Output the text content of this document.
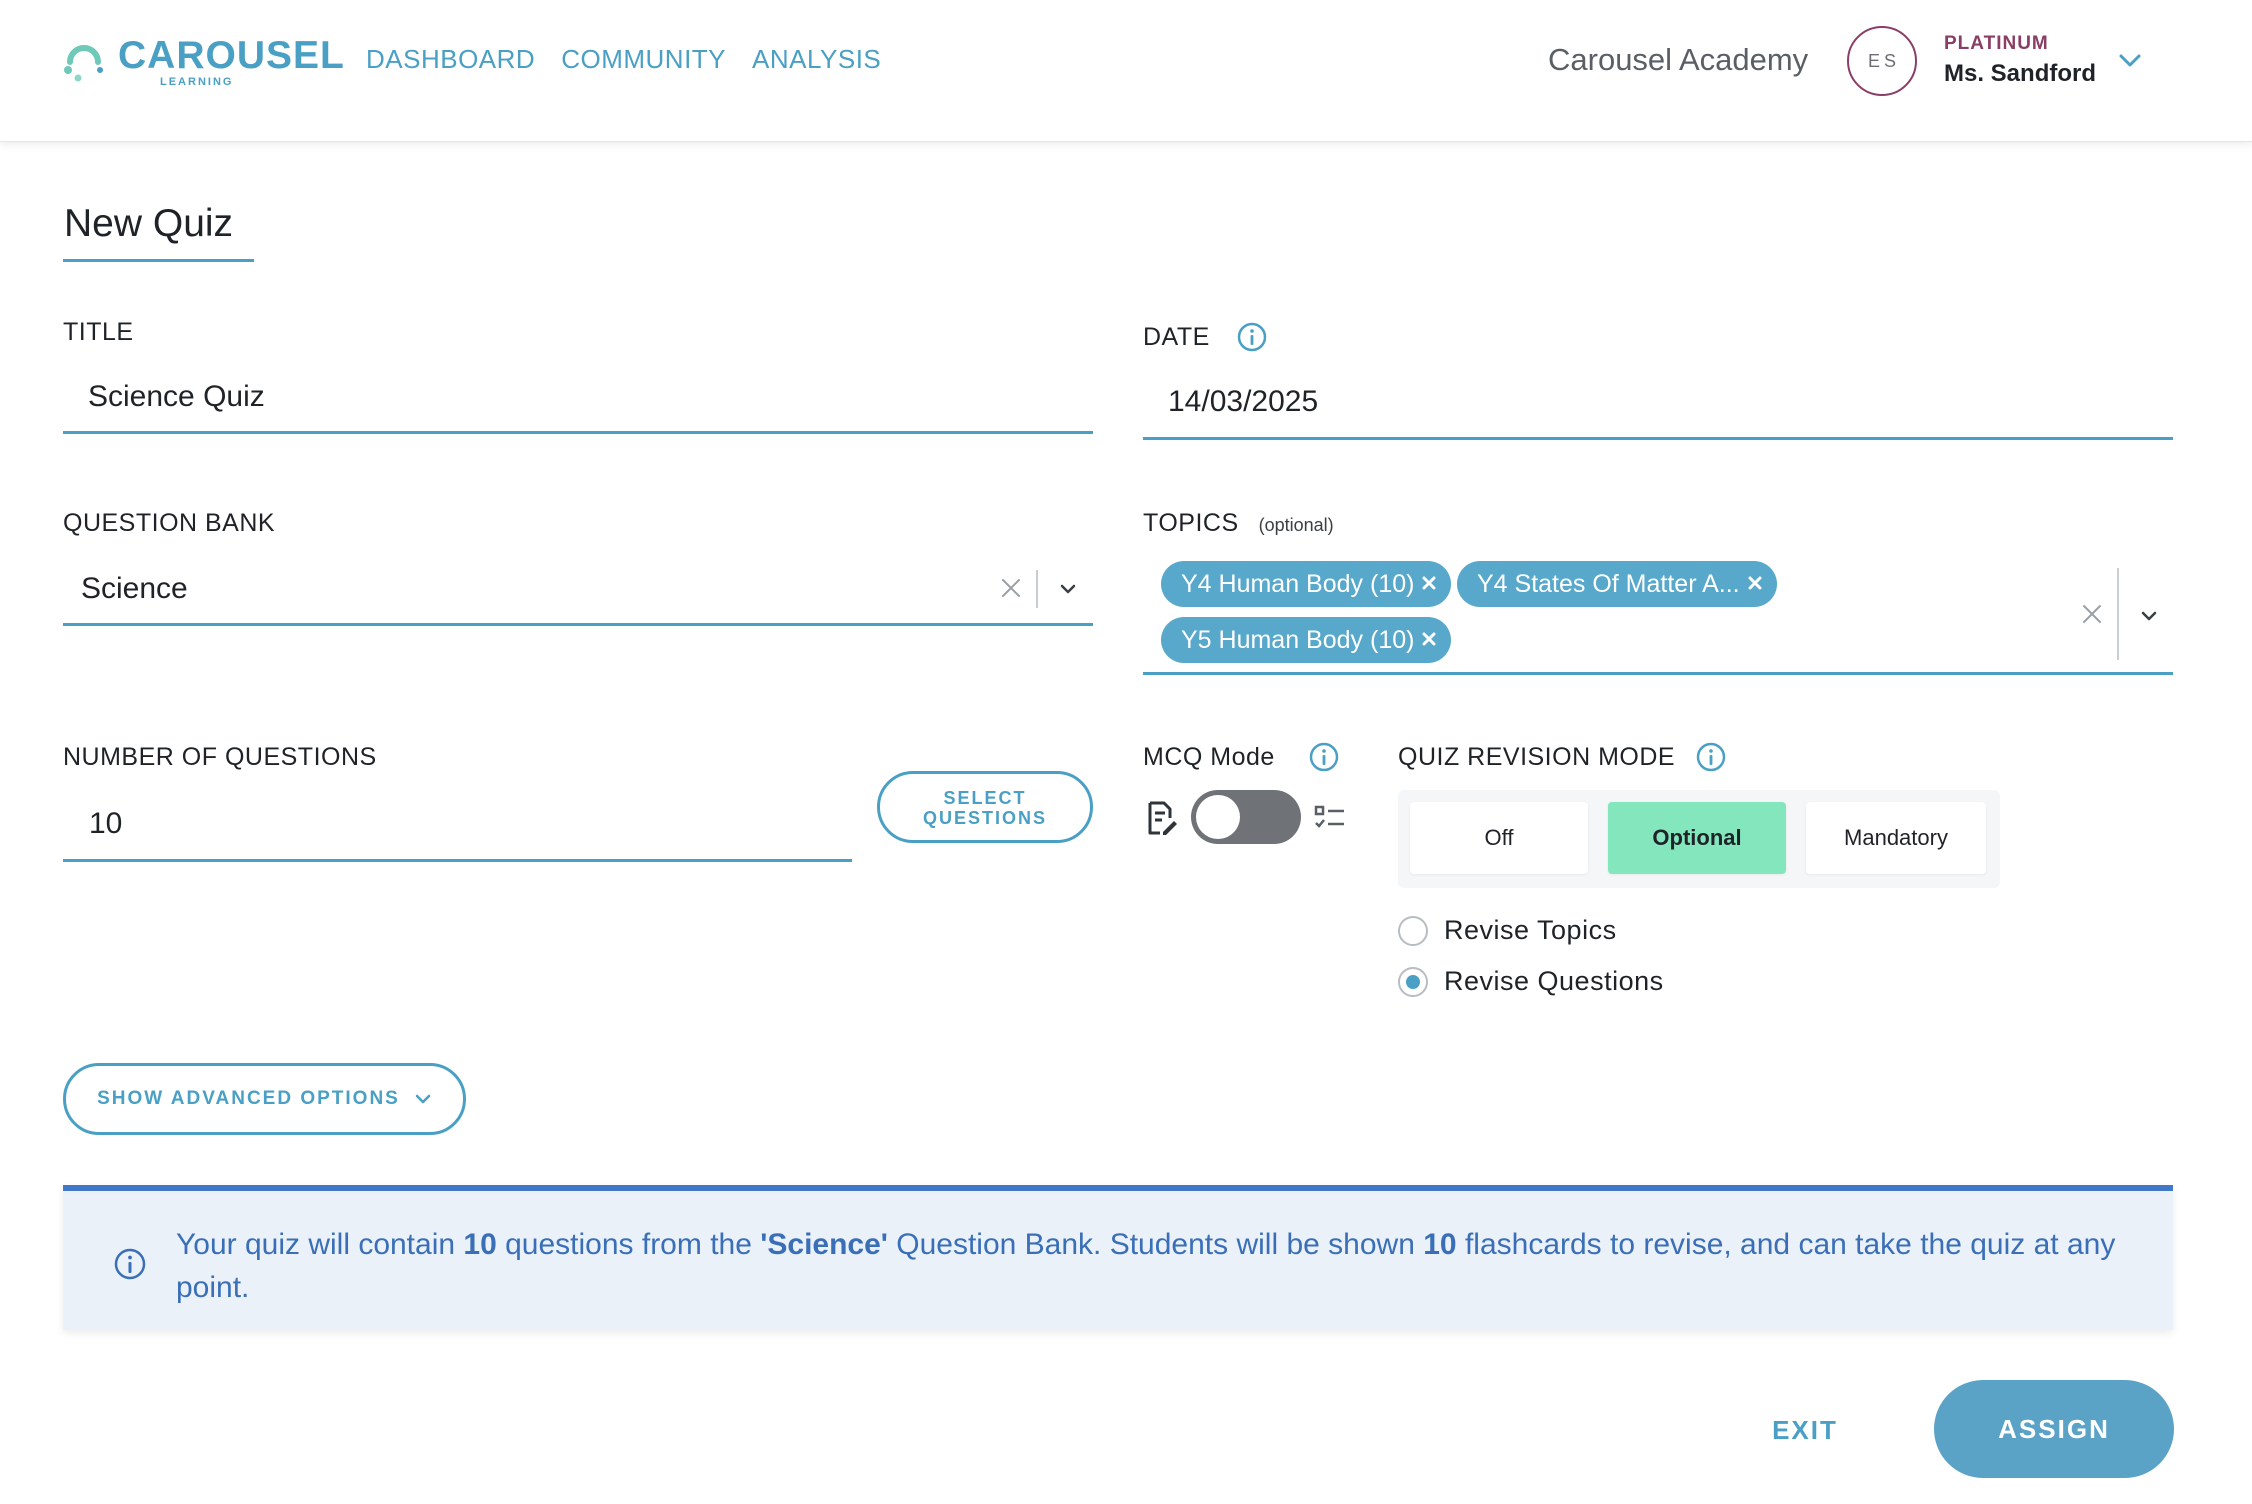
CAROUSEL
LEARNING
DASHBOARD COMMUNITY ANALYSIS	Carousel Academy	ES
PLATINUM
Ms. Sandford
New Quiz
TITLE
Science Quiz
DATE
14/03/2025
QUESTION BANK
Science
TOPICS (optional)
Y4 Human Body (10)	Y4 States Of Matter A...
Y5 Human Body (10)
NUMBER OF QUESTIONS
10
SELECT QUESTIONS
MCQ Mode	QUIZ REVISION MODE
Off	Optional	Mandatory
Revise Topics
Revise Questions
SHOW ADVANCED OPTIONS
Your quiz will contain 10 questions from the 'Science' Question Bank. Students will be shown 10 flashcards to revise, and can take the quiz at any point.
EXIT	ASSIGN
